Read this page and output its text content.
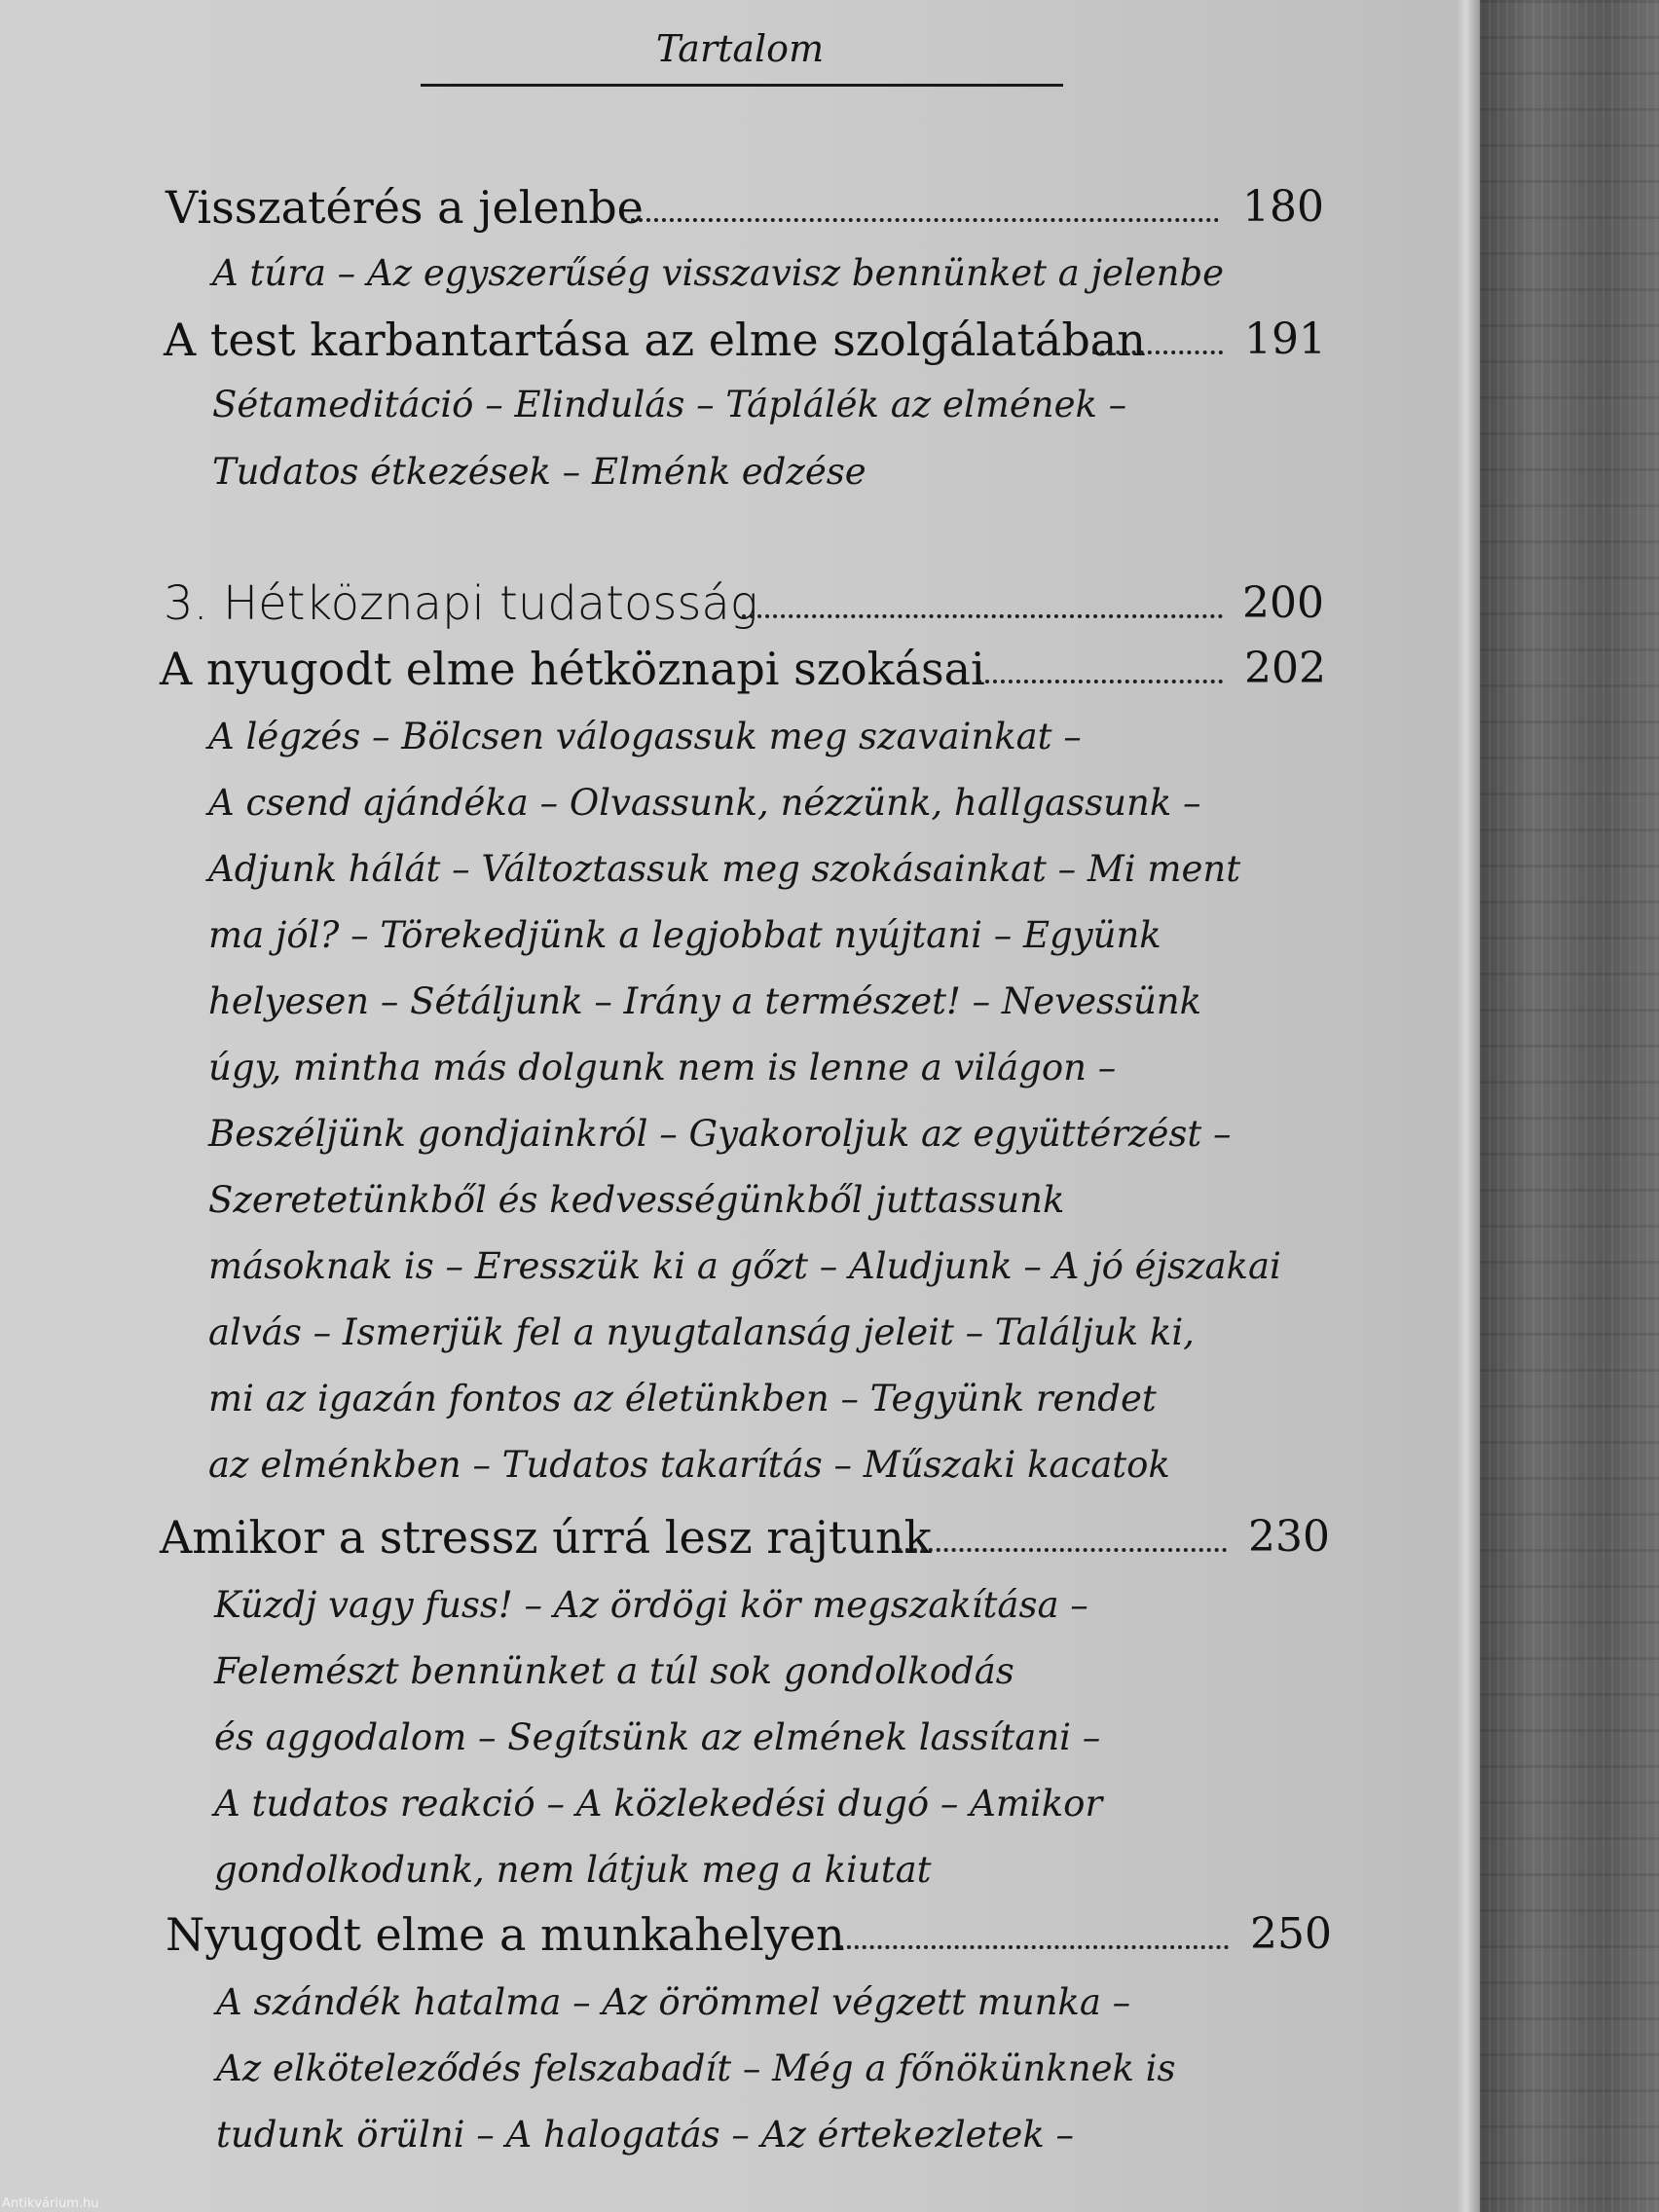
Tartalom
Visszatérés a jelenbe	180
A túra – Az egyszerűség visszavisz bennünket a jelenbe
A test karbantartása az elme szolgálatában	191
Sétameditáció – Elindulás – Táplálék az elmének –
Tudatos étkezések – Elménk edzése
3. Hétköznapi tudatosság	200
A nyugodt elme hétköznapi szokásai	202
A légzés – Bölcsen válogassuk meg szavainkat –
A csend ajándéka – Olvassunk, nézzünk, hallgassunk –
Adjunk hálát – Változtassuk meg szokásainkat – Mi ment
ma jól? – Törekedjünk a legjobbat nyújtani – Együnk
helyesen – Sétáljunk – Irány a természet! – Nevessünk
úgy, mintha más dolgunk nem is lenne a világon –
Beszéljünk gondjainkról – Gyakoroljuk az együttérzést –
Szeretetünkből és kedvességünkből juttassunk
másoknak is – Eresszük ki a gőzt – Aludjunk – A jó éjszakai
alvás – Ismerjük fel a nyugtalanság jeleit – Találjuk ki,
mi az igazán fontos az életünkben – Tegyünk rendet
az elménkben – Tudatos takarítás – Műszaki kacatok
Amikor a stressz úrrá lesz rajtunk	230
Küzdj vagy fuss! – Az ördögi kör megszakítása –
Felemészt bennünket a túl sok gondolkodás
és aggodalom – Segítsünk az elmének lassítani –
A tudatos reakció – A közlekedési dugó – Amikor
gondolkodunk, nem látjuk meg a kiutat
Nyugodt elme a munkahelyen	250
A szándék hatalma – Az örömmel végzett munka –
Az elköteleződés felszabadít – Még a főnökünknek is
tudunk örülni – A halogatás – Az értekezletek –
Antikvárium.hu
